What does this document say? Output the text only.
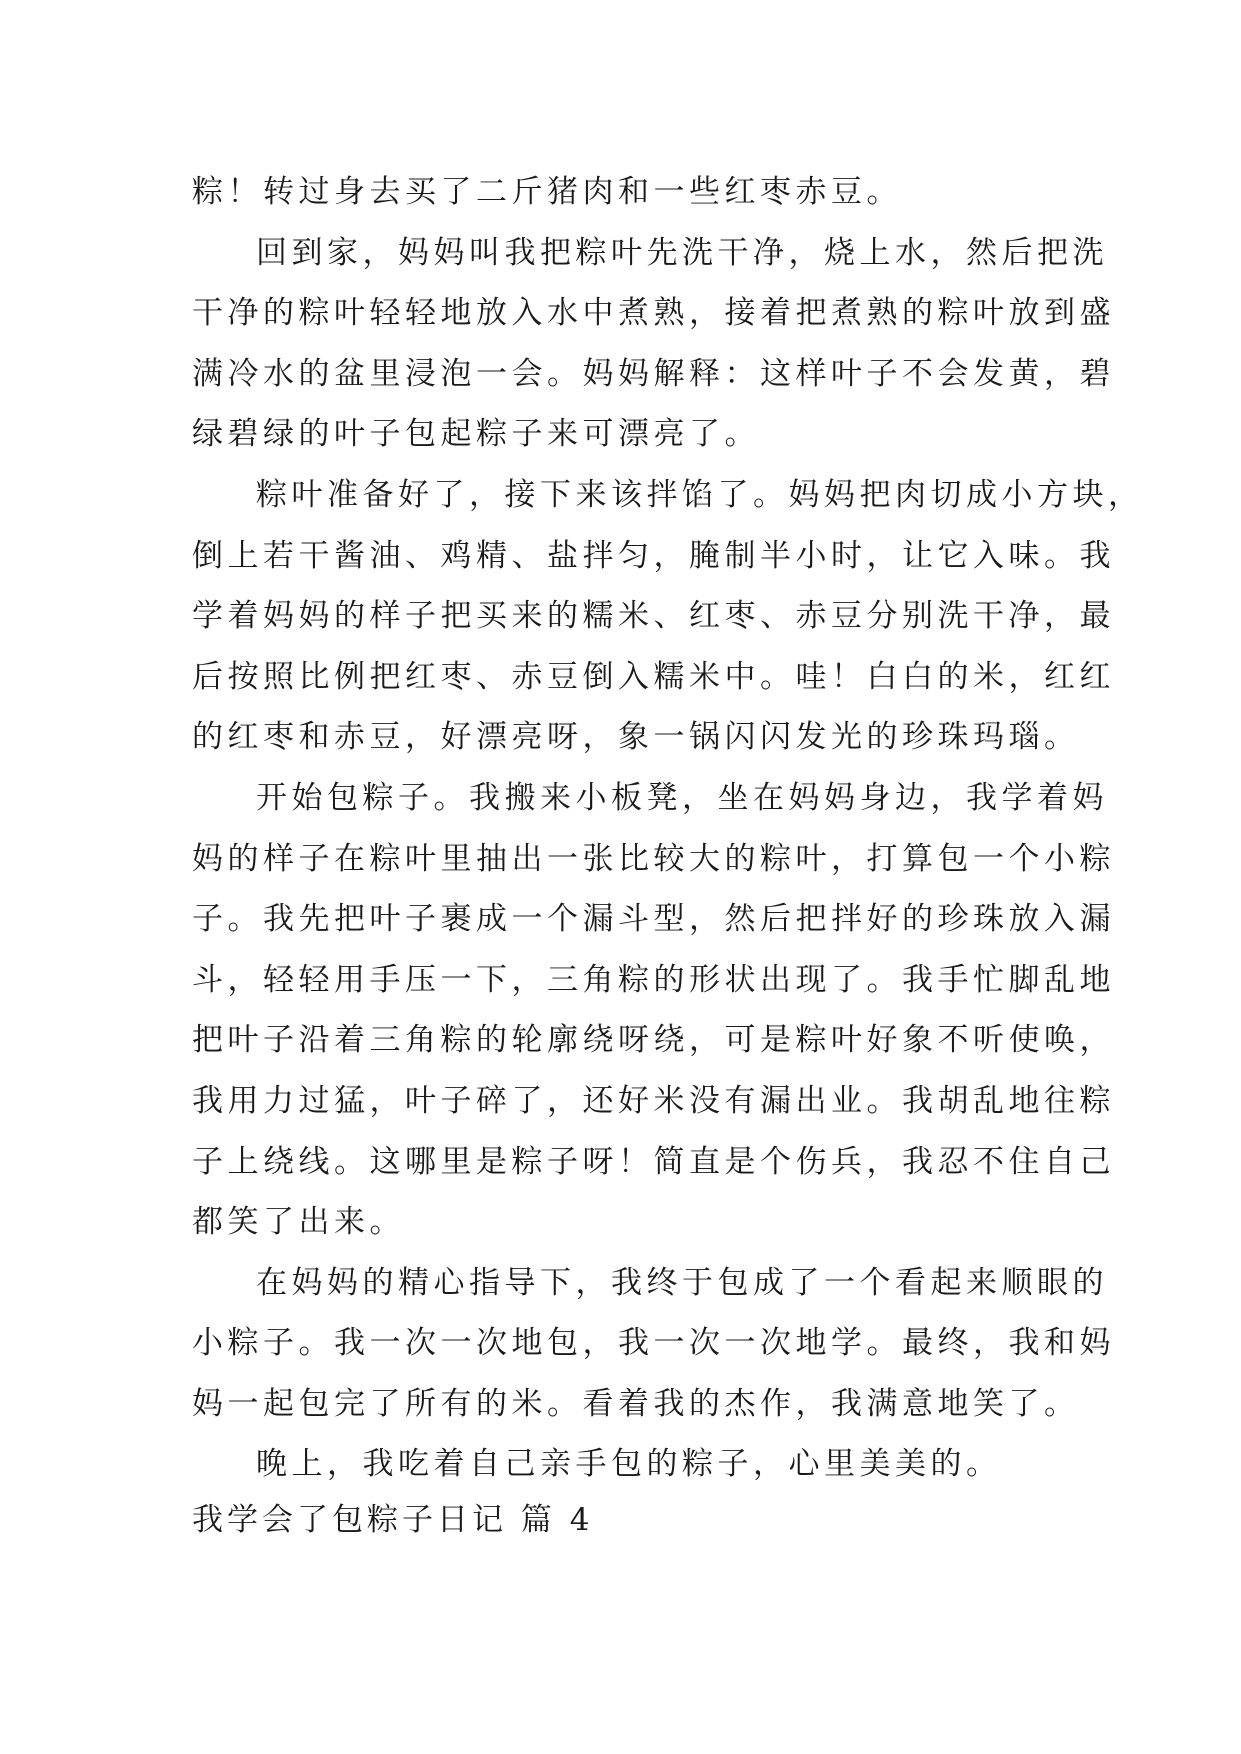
粽！转过身去买了二斤猪肉和一些红枣赤豆。
回到家，妈妈叫我把粽叶先洗干净，烧上水，然后把洗
干净的粽叶轻轻地放入水中煮熟，接着把煮熟的粽叶放到盛
满冷水的盆里浸泡一会。妈妈解释：这样叶子不会发黄，碧
绿碧绿的叶子包起粽子来可漂亮了。
粽叶准备好了，接下来该拌馅了。妈妈把肉切成小方块，
倒上若干酱油、鸡精、盐拌匀，腌制半小时，让它入味。我
学着妈妈的样子把买来的糯米、红枣、赤豆分别洗干净，最
后按照比例把红枣、赤豆倒入糯米中。哇！白白的米，红红
的红枣和赤豆，好漂亮呀，象一锅闪闪发光的珍珠玛瑙。
开始包粽子。我搬来小板凳，坐在妈妈身边，我学着妈
妈的样子在粽叶里抽出一张比较大的粽叶，打算包一个小粽
子。我先把叶子裹成一个漏斗型，然后把拌好的珍珠放入漏
斗，轻轻用手压一下，三角粽的形状出现了。我手忙脚乱地
把叶子沿着三角粽的轮廓绕呀绕，可是粽叶好象不听使唤，
我用力过猛，叶子碎了，还好米没有漏出业。我胡乱地往粽
子上绕线。这哪里是粽子呀！简直是个伤兵，我忍不住自己
都笑了出来。
在妈妈的精心指导下，我终于包成了一个看起来顺眼的
小粽子。我一次一次地包，我一次一次地学。最终，我和妈
妈一起包完了所有的米。看着我的杰作，我满意地笑了。
晚上，我吃着自己亲手包的粽子，心里美美的。
我学会了包粽子日记 篇 4
